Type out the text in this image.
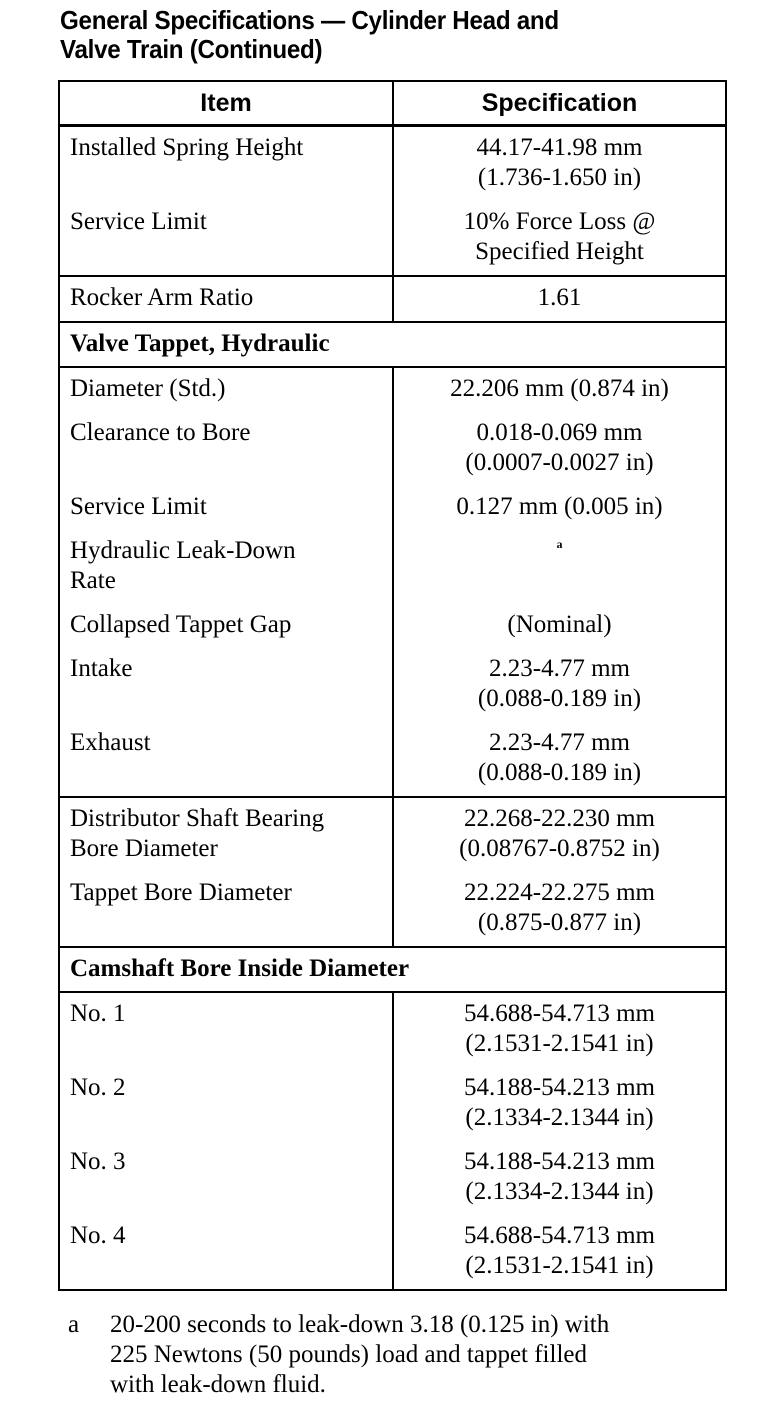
General Specifications — Cylinder Head and
Valve Train (Continued)
Item	Specification
Installed Spring Height	44.17-41.98 mm
(1.736-1.650 in)

Service Limit	10% Force Loss @
Specified Height

Rocker Arm Ratio	1.61
Valve Tappet, Hydraulic	
Diameter (Std.)	22.206 mm (0.874 in)
Clearance to Bore	0.018-0.069 mm
(0.0007-0.0027 in)

Service Limit	0.127 mm (0.005 in)

Hydraulic Leak-Down
Rate	$^a$
Collapsed Tappet Gap	(Nominal)
Intake	2.23-4.77 mm
(0.088-0.189 in)

Exhaust	2.23-4.77 mm
(0.088-0.189 in)

Distributor Shaft Bearing
Bore Diameter	22.268-22.230 mm
(0.08767-0.8752 in)

Tappet Bore Diameter	22.224-22.275 mm
(0.875-0.877 in)

Camshaft Bore Inside Diameter	
No. 1	54.688-54.713 mm
(2.1531-2.1541 in)

No. 2	54.188-54.213 mm
(2.1334-2.1344 in)

No. 3	54.188-54.213 mm
(2.1334-2.1344 in)

No. 4	54.688-54.713 mm
(2.1531-2.1541 in)
a 20-200 seconds to leak-down 3.18 (0.125 in) with
225 Newtons (50 pounds) load and tappet filled
with leak-down fluid.
